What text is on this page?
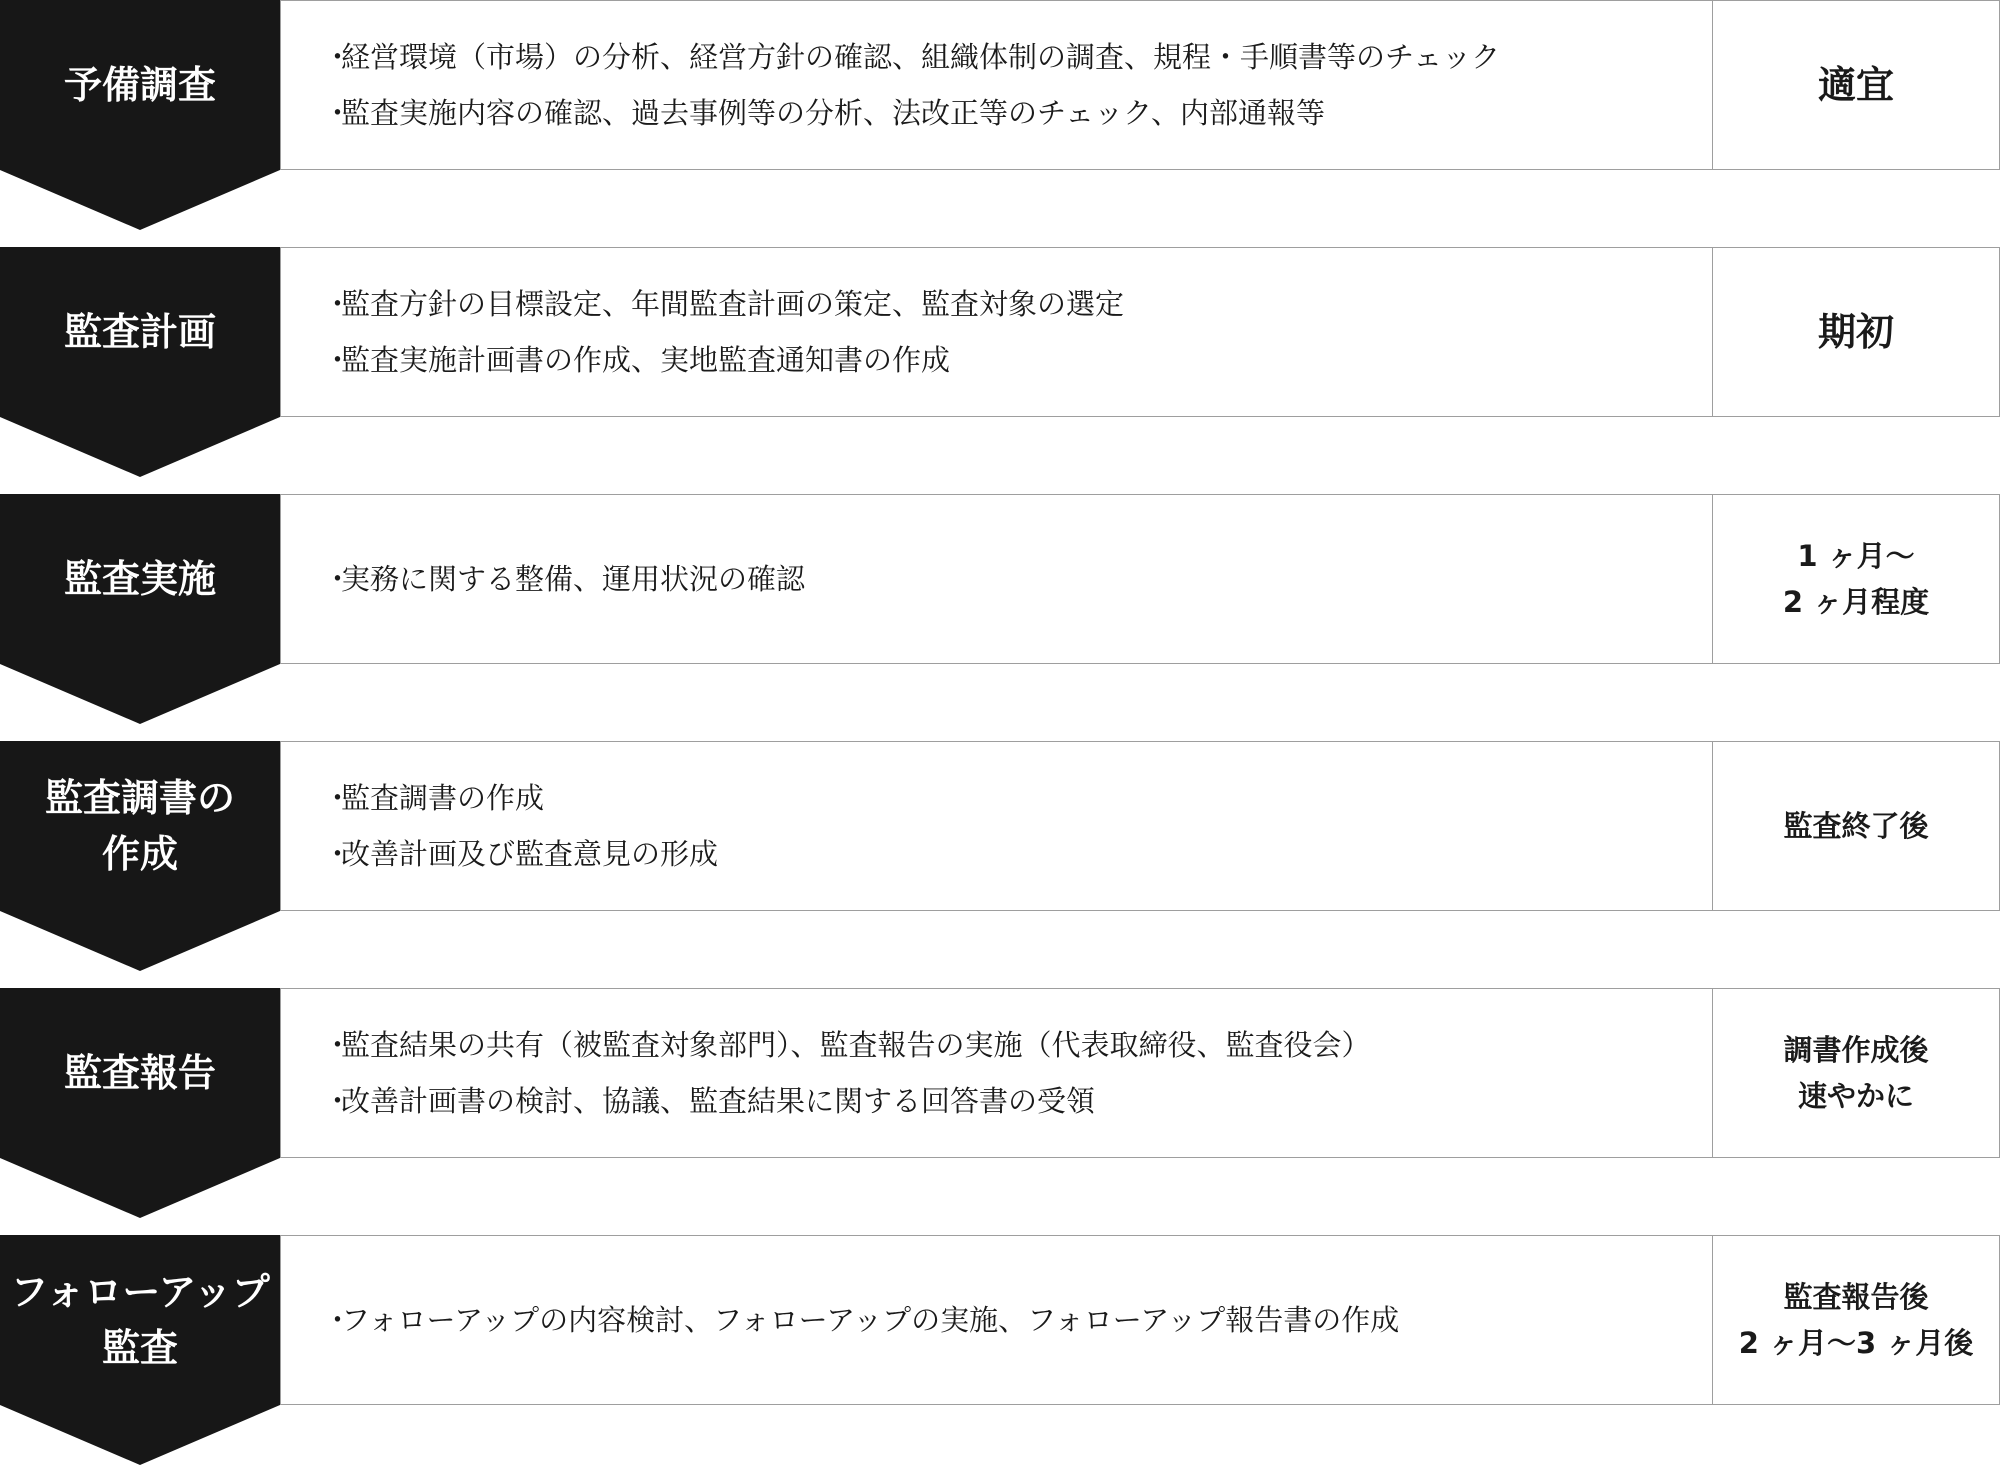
予備調査
・ 経営環境（市場）の分析、経営方針の確認、組織体制の調査、規程・手順書等のチェック
・ 監査実施内容の確認、過去事例等の分析、法改正等のチェック、内部通報等
適宜
監査計画
・ 監査方針の目標設定、年間監査計画の策定、監査対象の選定
・ 監査実施計画書の作成、実地監査通知書の作成
期初
監査実施
・	実務に関する整備、運用状況の確認
1 ヶ月～
2 ヶ月程度
監査調書の
作成
・ 監査調書の作成
・ 改善計画及び監査意見の形成
監査終了後
監査報告
・ 監査結果の共有（被監査対象部門）、監査報告の実施（代表取締役、監査役会）
・ 改善計画書の検討、協議、監査結果に関する回答書の受領
調書作成後
速やかに
フォローアップ
監査
・ フォローアップの内容検討、フォローアップの実施、フォローアップ報告書の作成
監査報告後
2 ヶ月～3 ヶ月後
